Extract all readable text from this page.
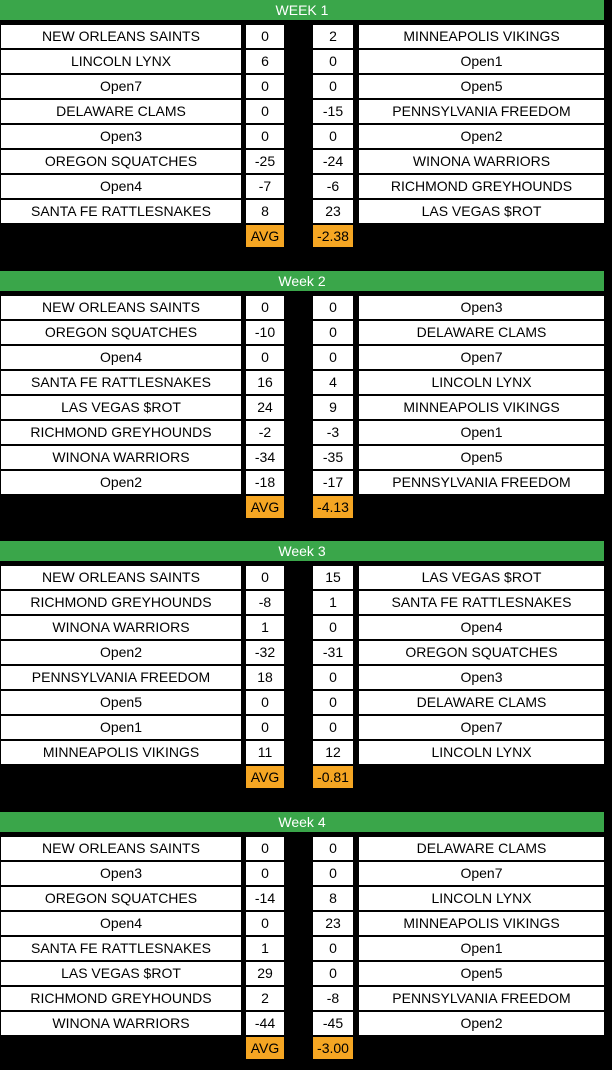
WEEK 1
NEW ORLEANS SAINTS	0	2	MINNEAPOLIS VIKINGS
LINCOLN LYNX	6	0	Open1
Open7	0	0	Open5
DELAWARE CLAMS	0	-15	PENNSYLVANIA FREEDOM
Open3	0	0	Open2
OREGON SQUATCHES	-25	-24	WINONA WARRIORS
Open4	-7	-6	RICHMOND GREYHOUNDS
SANTA FE RATTLESNAKES	8	23	LAS VEGAS $ROT
AVG	-2.38
Week 2
NEW ORLEANS SAINTS	0	0	Open3
OREGON SQUATCHES	-10	0	DELAWARE CLAMS
Open4	0	0	Open7
SANTA FE RATTLESNAKES	16	4	LINCOLN LYNX
LAS VEGAS $ROT	24	9	MINNEAPOLIS VIKINGS
RICHMOND GREYHOUNDS	-2	-3	Open1
WINONA WARRIORS	-34	-35	Open5
Open2	-18	-17	PENNSYLVANIA FREEDOM
AVG	-4.13
Week 3
NEW ORLEANS SAINTS	0	15	LAS VEGAS $ROT
RICHMOND GREYHOUNDS	-8	1	SANTA FE RATTLESNAKES
WINONA WARRIORS	1	0	Open4
Open2	-32	-31	OREGON SQUATCHES
PENNSYLVANIA FREEDOM	18	0	Open3
Open5	0	0	DELAWARE CLAMS
Open1	0	0	Open7
MINNEAPOLIS VIKINGS	11	12	LINCOLN LYNX
AVG	-0.81
Week 4
NEW ORLEANS SAINTS	0	0	DELAWARE CLAMS
Open3	0	0	Open7
OREGON SQUATCHES	-14	8	LINCOLN LYNX
Open4	0	23	MINNEAPOLIS VIKINGS
SANTA FE RATTLESNAKES	1	0	Open1
LAS VEGAS $ROT	29	0	Open5
RICHMOND GREYHOUNDS	2	-8	PENNSYLVANIA FREEDOM
WINONA WARRIORS	-44	-45	Open2
AVG	-3.00
